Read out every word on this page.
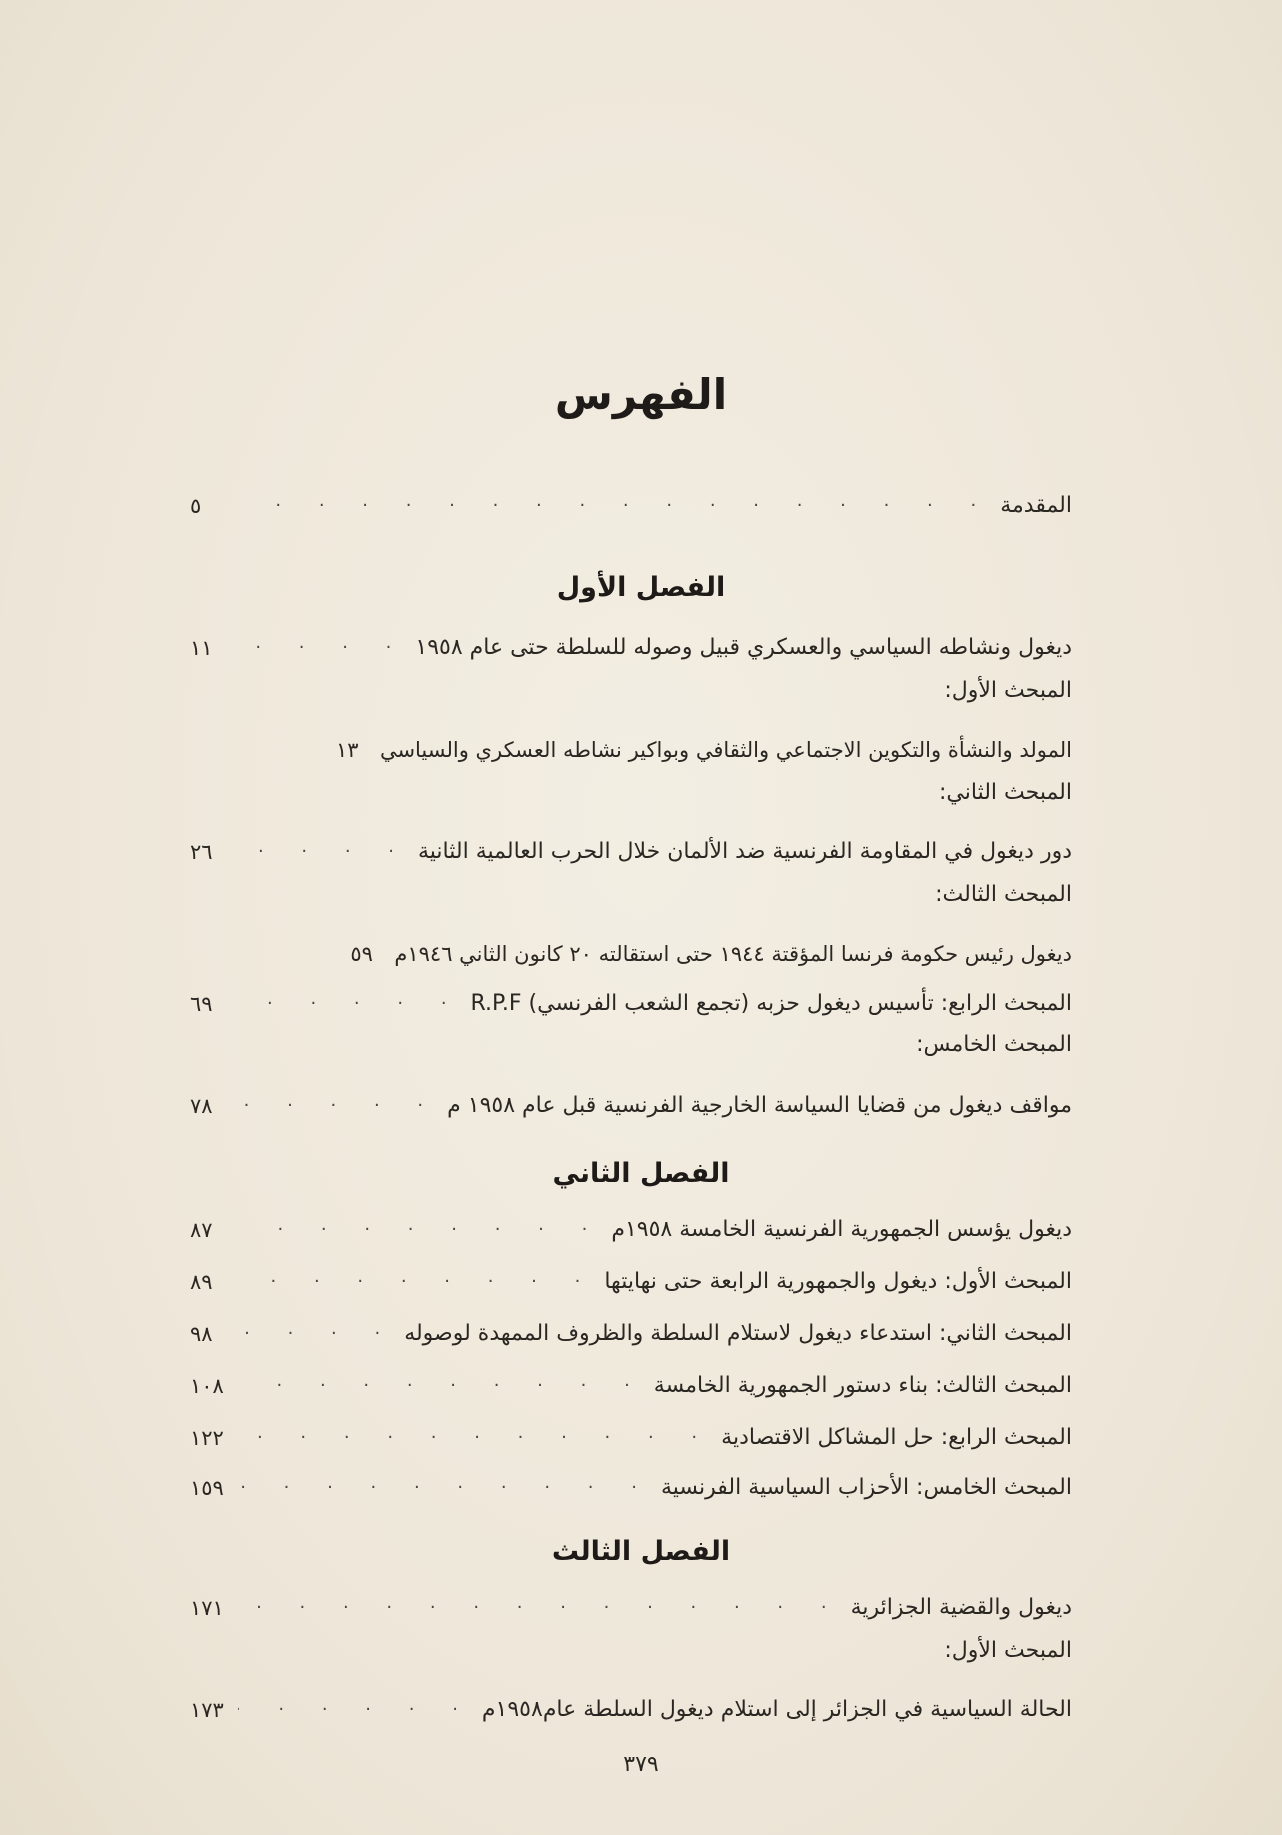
الفهرس
المقدمة
. . .
٥
الفصل الأول
ديغول ونشاطه السياسي والعسكري قبيل وصوله للسلطة حتى عام ١٩٥٨
. . .
١١
المبحث الأول:
المولد والنشأة والتكوين الاجتماعي والثقافي وبواكير نشاطه العسكري والسياسي
١٣
المبحث الثاني:
دور ديغول في المقاومة الفرنسية ضد الألمان خلال الحرب العالمية الثانية
. . .
٢٦
المبحث الثالث:
ديغول رئيس حكومة فرنسا المؤقتة ١٩٤٤ حتى استقالته ٢٠ كانون الثاني ١٩٤٦م
٥٩
المبحث الرابع: تأسيس ديغول حزبه (تجمع الشعب الفرنسي) R.P.F
. . .
٦٩
المبحث الخامس:
مواقف ديغول من قضايا السياسة الخارجية الفرنسية قبل عام ١٩٥٨ م
. . .
٧٨
الفصل الثاني
ديغول يؤسس الجمهورية الفرنسية الخامسة ١٩٥٨م
. . .
٨٧
المبحث الأول: ديغول والجمهورية الرابعة حتى نهايتها
. . .
٨٩
المبحث الثاني: استدعاء ديغول لاستلام السلطة والظروف الممهدة لوصوله
. . .
٩٨
المبحث الثالث: بناء دستور الجمهورية الخامسة
. . .
١٠٨
المبحث الرابع: حل المشاكل الاقتصادية
. . .
١٢٢
المبحث الخامس: الأحزاب السياسية الفرنسية
. . .
١٥٩
الفصل الثالث
ديغول والقضية الجزائرية
. . .
١٧١
المبحث الأول:
الحالة السياسية في الجزائر إلى استلام ديغول السلطة عام١٩٥٨م
. . .
١٧٣
٣٧٩
